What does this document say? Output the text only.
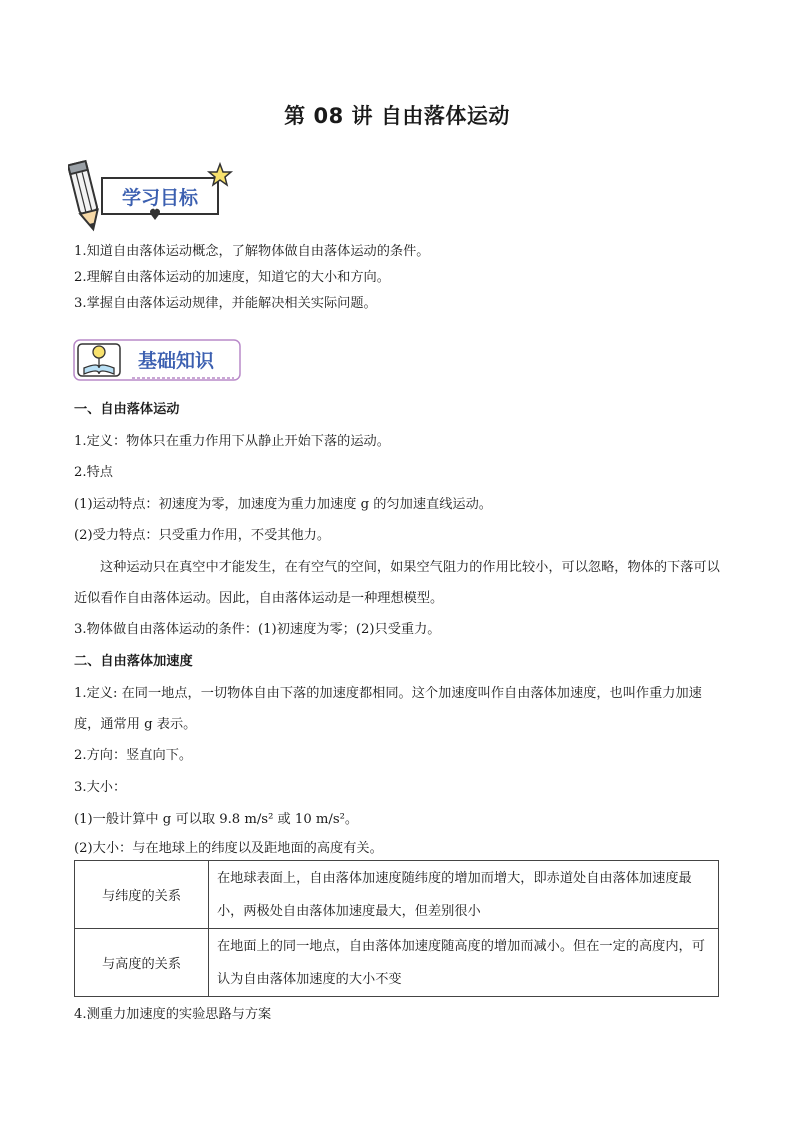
第 08 讲 自由落体运动
学习目标
1.知道自由落体运动概念，了解物体做自由落体运动的条件。
2.理解自由落体运动的加速度，知道它的大小和方向。
3.掌握自由落体运动规律，并能解决相关实际问题。
基础知识
一、自由落体运动
1.定义：物体只在重力作用下从静止开始下落的运动。
2.特点
(1)运动特点：初速度为零，加速度为重力加速度 g 的匀加速直线运动。
(2)受力特点：只受重力作用，不受其他力。
这种运动只在真空中才能发生，在有空气的空间，如果空气阻力的作用比较小，可以忽略，物体的下落可以近似看作自由落体运动。因此，自由落体运动是一种理想模型。
3.物体做自由落体运动的条件：(1)初速度为零；(2)只受重力。
二、自由落体加速度
1.定义: 在同一地点，一切物体自由下落的加速度都相同。这个加速度叫作自由落体加速度，也叫作重力加速度，通常用 g 表示。
2.方向：竖直向下。
3.大小：
(1)一般计算中 g 可以取 9.8 m/s² 或 10 m/s²。
(2)大小：与在地球上的纬度以及距地面的高度有关。
与纬度的关系	在地球表面上，自由落体加速度随纬度的增加而增大，即赤道处自由落体加速度最小，两极处自由落体加速度最大，但差别很小
与高度的关系	在地面上的同一地点，自由落体加速度随高度的增加而减小。但在一定的高度内，可认为自由落体加速度的大小不变
4.测重力加速度的实验思路与方案
